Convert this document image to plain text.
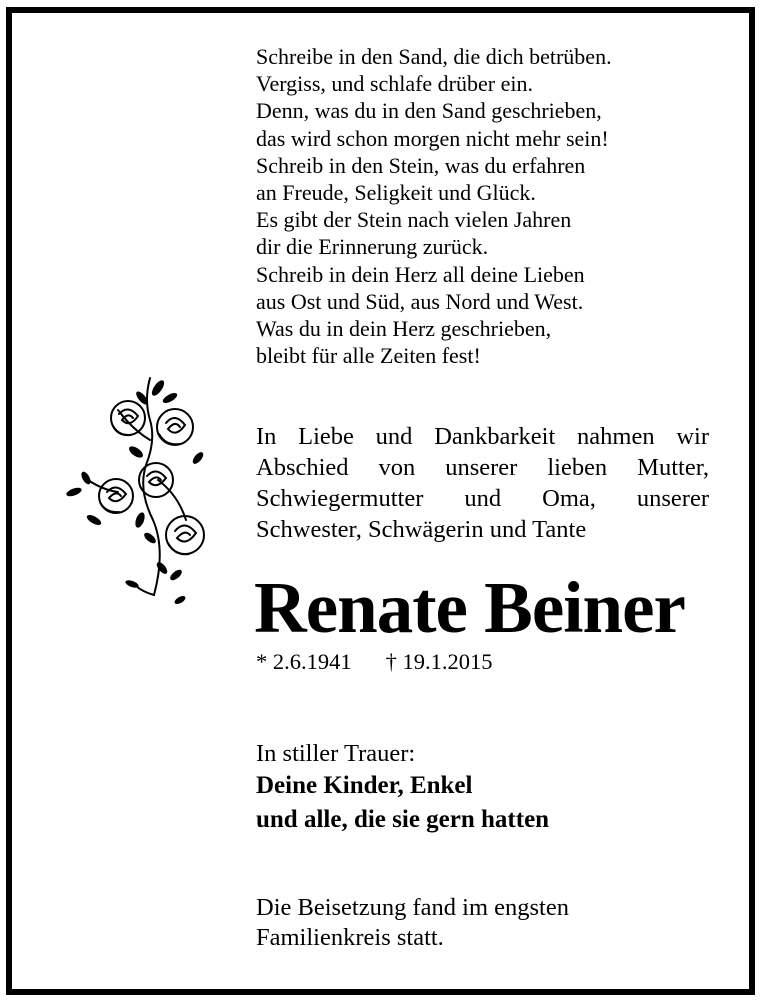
Schreibe in den Sand, die dich betrüben.
Vergiss, und schlafe drüber ein.
Denn, was du in den Sand geschrieben,
das wird schon morgen nicht mehr sein!
Schreib in den Stein, was du erfahren
an Freude, Seligkeit und Glück.
Es gibt der Stein nach vielen Jahren
dir die Erinnerung zurück.
Schreib in dein Herz all deine Lieben
aus Ost und Süd, aus Nord und West.
Was du in dein Herz geschrieben,
bleibt für alle Zeiten fest!
In Liebe und Dankbarkeit nahmen wir
Abschied von unserer lieben Mutter,
Schwiegermutter und Oma, unserer
Schwester, Schwägerin und Tante
Renate Beiner
* 2.6.1941 † 19.1.2015
In stiller Trauer:
Deine Kinder, Enkel
und alle, die sie gern hatten
Die Beisetzung fand im engsten
Familienkreis statt.
